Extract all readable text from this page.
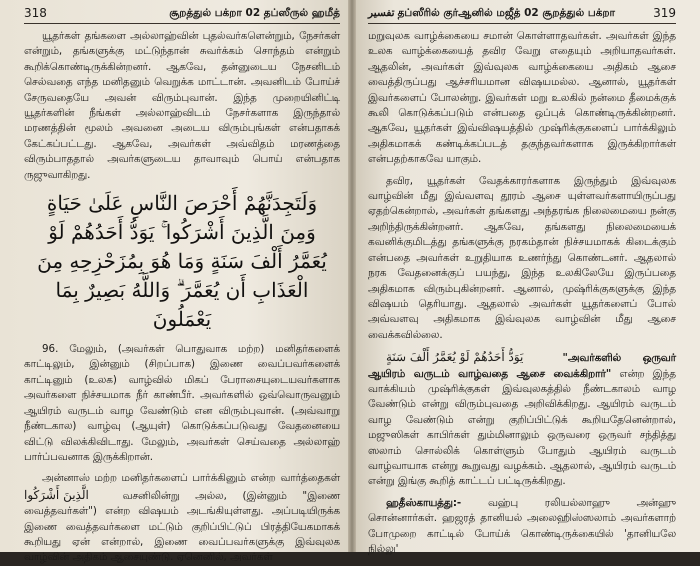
318	சூறத்துல் பக்றா 02 தப்ஸீருல் ஹமீத்

யூதர்கள் தங்களை அல்லாஹ்வின் புதல்வர்களென்றும், நேசர்கள் என்றும், தங்களுக்கு மட்டுந்தான் சுவர்க்கம் சொந்தம் என்றும் கூறிக்கொண்டிருக்கின்றனர். ஆகவே, தன்னுடைய நேசனிடம் செல்வதை எந்த மனிதனும் வெறுக்க மாட்டான். அவனிடம் போய்ச் சேருவதையே அவன் விரும்புவான். இந்த முறையினிட்டி யூதர்களின் நீங்கள் அல்லாஹ்விடம் நேசர்களாக இருந்தால் மரணத்தின் மூலம் அவனை அடைய விரும்புங்கள் என்பதாகக் கேட்கப்பட்டது. ஆகவே, அவர்கள் அவ்விதம் மரணத்தை விரும்பாததால் அவர்களுடைய தாவாவும் பொய் என்பதாக ருஜுவாகிறது.

وَلَتَجِدَنَّهُمْ أَحْرَصَ النَّاسِ عَلَىٰ حَيَاةٍ وَمِنَ الَّذِينَ أَشْرَكُوا ۚ يَوَدُّ أَحَدُهُمْ لَوْ يُعَمَّرُ أَلْفَ سَنَةٍ وَمَا هُوَ بِمُزَحْزِحِهِ مِنَ الْعَذَابِ أَن يُعَمَّرَ ۗ وَاللَّهُ بَصِيرٌ بِمَا يَعْمَلُونَ

96. மேலும், (அவர்கள் பொதுவாக மற்ற) மனிதர்களைக் காட்டிலும், இன்னும் (சிறப்பாக) இணை வைப்பவர்களைக் காட்டினும் (உலக) வாழ்வில் மிகப் பேராசையுடையவர்களாக அவர்களை நிச்சயமாக நீர் காண்பீர். அவர்களில் ஒவ்வொருவனும் ஆயிரம் வருடம் வாழ வேண்டும் என விரும்புவான். (அவ்வாறு நீண்டகால) வாழ்வு (ஆயுள்) கொடுக்கப்படுவது வேதனையை விட்டு விலக்கிவிடாது. மேலும், அவர்கள் செய்வதை அல்லாஹ் பார்ப்பவனாக இருக்கிறான்.

அன்னாஸ் மற்ற மனிதர்களைப் பார்க்கினும் என்ற வார்த்தைகள் الَّذِينَ أَشْرَكُوا	வசனிலின்று அல்ல, (இன்னும் "இணை வைத்தவர்கள்") என்ற விஷயம் அடங்கியுள்ளது. அப்படியிருக்க இணை வைத்தவர்களை மட்டும் குறிப்பிட்டுப் பிரத்தியேகமாகக் கூறியது ஏன் என்றால், இணை வைப்பவர்களுக்கு இவ்வுலக வாழ்வின் அதிகம் ஆசையுண்டு. ஏனெனில், அவர்கள்

تفسير தப்ஸீரில் குர்ஆனில் மஜீத் 02 சூறத்துல் பக்றா	319

மறுவுலக வாழ்க்கையை சமான் கொள்ளாதவர்கள். அவர்கள் இந்த உலக வாழ்க்கையைத் தவிர வேறு எதையும் அறியாதவர்கள். ஆதலின், அவர்கள் இவ்வுலக வாழ்க்கையை அதிகம் ஆசை வைத்திருப்பது ஆச்சரியமான விஷயமல்ல. ஆனால், யூதர்கள் இவர்களைப் போலன்று. இவர்கள் மறு உலகில் நன்மை தீமைக்குக் கூலி கொடுக்கப்படும் என்பதை ஒப்புக் கொண்டிருக்கின்றனர். ஆகவே, யூதர்கள் இவ்விஷயத்தில் முஷ்ரிக்குகளைப் பார்க்கிலும் அதிகமாகக் கண்டிக்கப்படத் தகுந்தவர்களாக இருக்கிறார்கள் என்பதற்காகவே யாகும்.

தவிர, யூதர்கள் வேதக்காரர்களாக இருந்தும் இவ்வுலக வாழ்வின் மீது இவ்வளவு தூரம் ஆசை யுள்ளவர்களாயிருப்பது ஏதற்கென்றால், அவர்கள் தங்களது அந்தரங்க நிலைமையை நன்கு அறிந்திருக்கின்றனர். ஆகவே, தங்களது நிலைமையைக் கவனிக்குமிடத்து தங்களுக்கு நரகம்தான் நிச்சயமாகக் கிடைக்கும் என்பதை அவர்கள் உறுதியாக உணர்ந்து கொண்டனர். ஆதலால் நரக வேதனைக்குப் பயந்து, இந்த உலகிலேயே இருப்பதை அதிகமாக விரும்புகின்றனர். ஆனால், முஷ்ரிக்குகளுக்கு இந்த விஷயம் தெரியாது. ஆதலால் அவர்கள் யூதர்களைப் போல் அவ்வளவு அதிகமாக இவ்வுலக வாழ்வின் மீது ஆசை வைக்கவில்லை.

يَوَدُّ أَحَدُهُمْ لَوْ يُعَمَّرُ أَلْفَ سَنَةٍ	"அவர்களில் ஒருவர் ஆயிரம் வருடம் வாழ்வதை ஆசை வைக்கிறார்" என்ற இந்த வாக்கியம் முஷ்ரிக்குகள் இவ்வுலகத்தில் நீண்டகாலம் வாழ வேண்டும் என்று விரும்புவதை அறிவிக்கிறது. ஆயிரம் வருடம் வாழ வேண்டும் என்று குறிப்பிட்டுக் கூறியதேனென்றால், மஜுஸிகள் காபிர்கள் தும்மினாலும் ஒருவரை ஒருவர் சந்தித்து ஸலாம் சொல்லிக் கொள்ளும் போதும் ஆயிரம் வருடம் வாழ்வாயாக என்று கூறுவது வழக்கம். ஆதலால், ஆயிரம் வருடம் என்று இங்கு கூறித் காட்டப் பட்டிருக்கிறது.

ஹதீஸ்காயத்து:-	வஹ்பு ரலியல்லாஹு அன்ஹு சொன்னார்கள். ஹஜரத் தானியல் அலைஹிஸ்ஸலாம் அவர்களாற் போமுறை காட்டில் போய்க் கொண்டிருக்கையில் 'தானியலே நில்லு'
